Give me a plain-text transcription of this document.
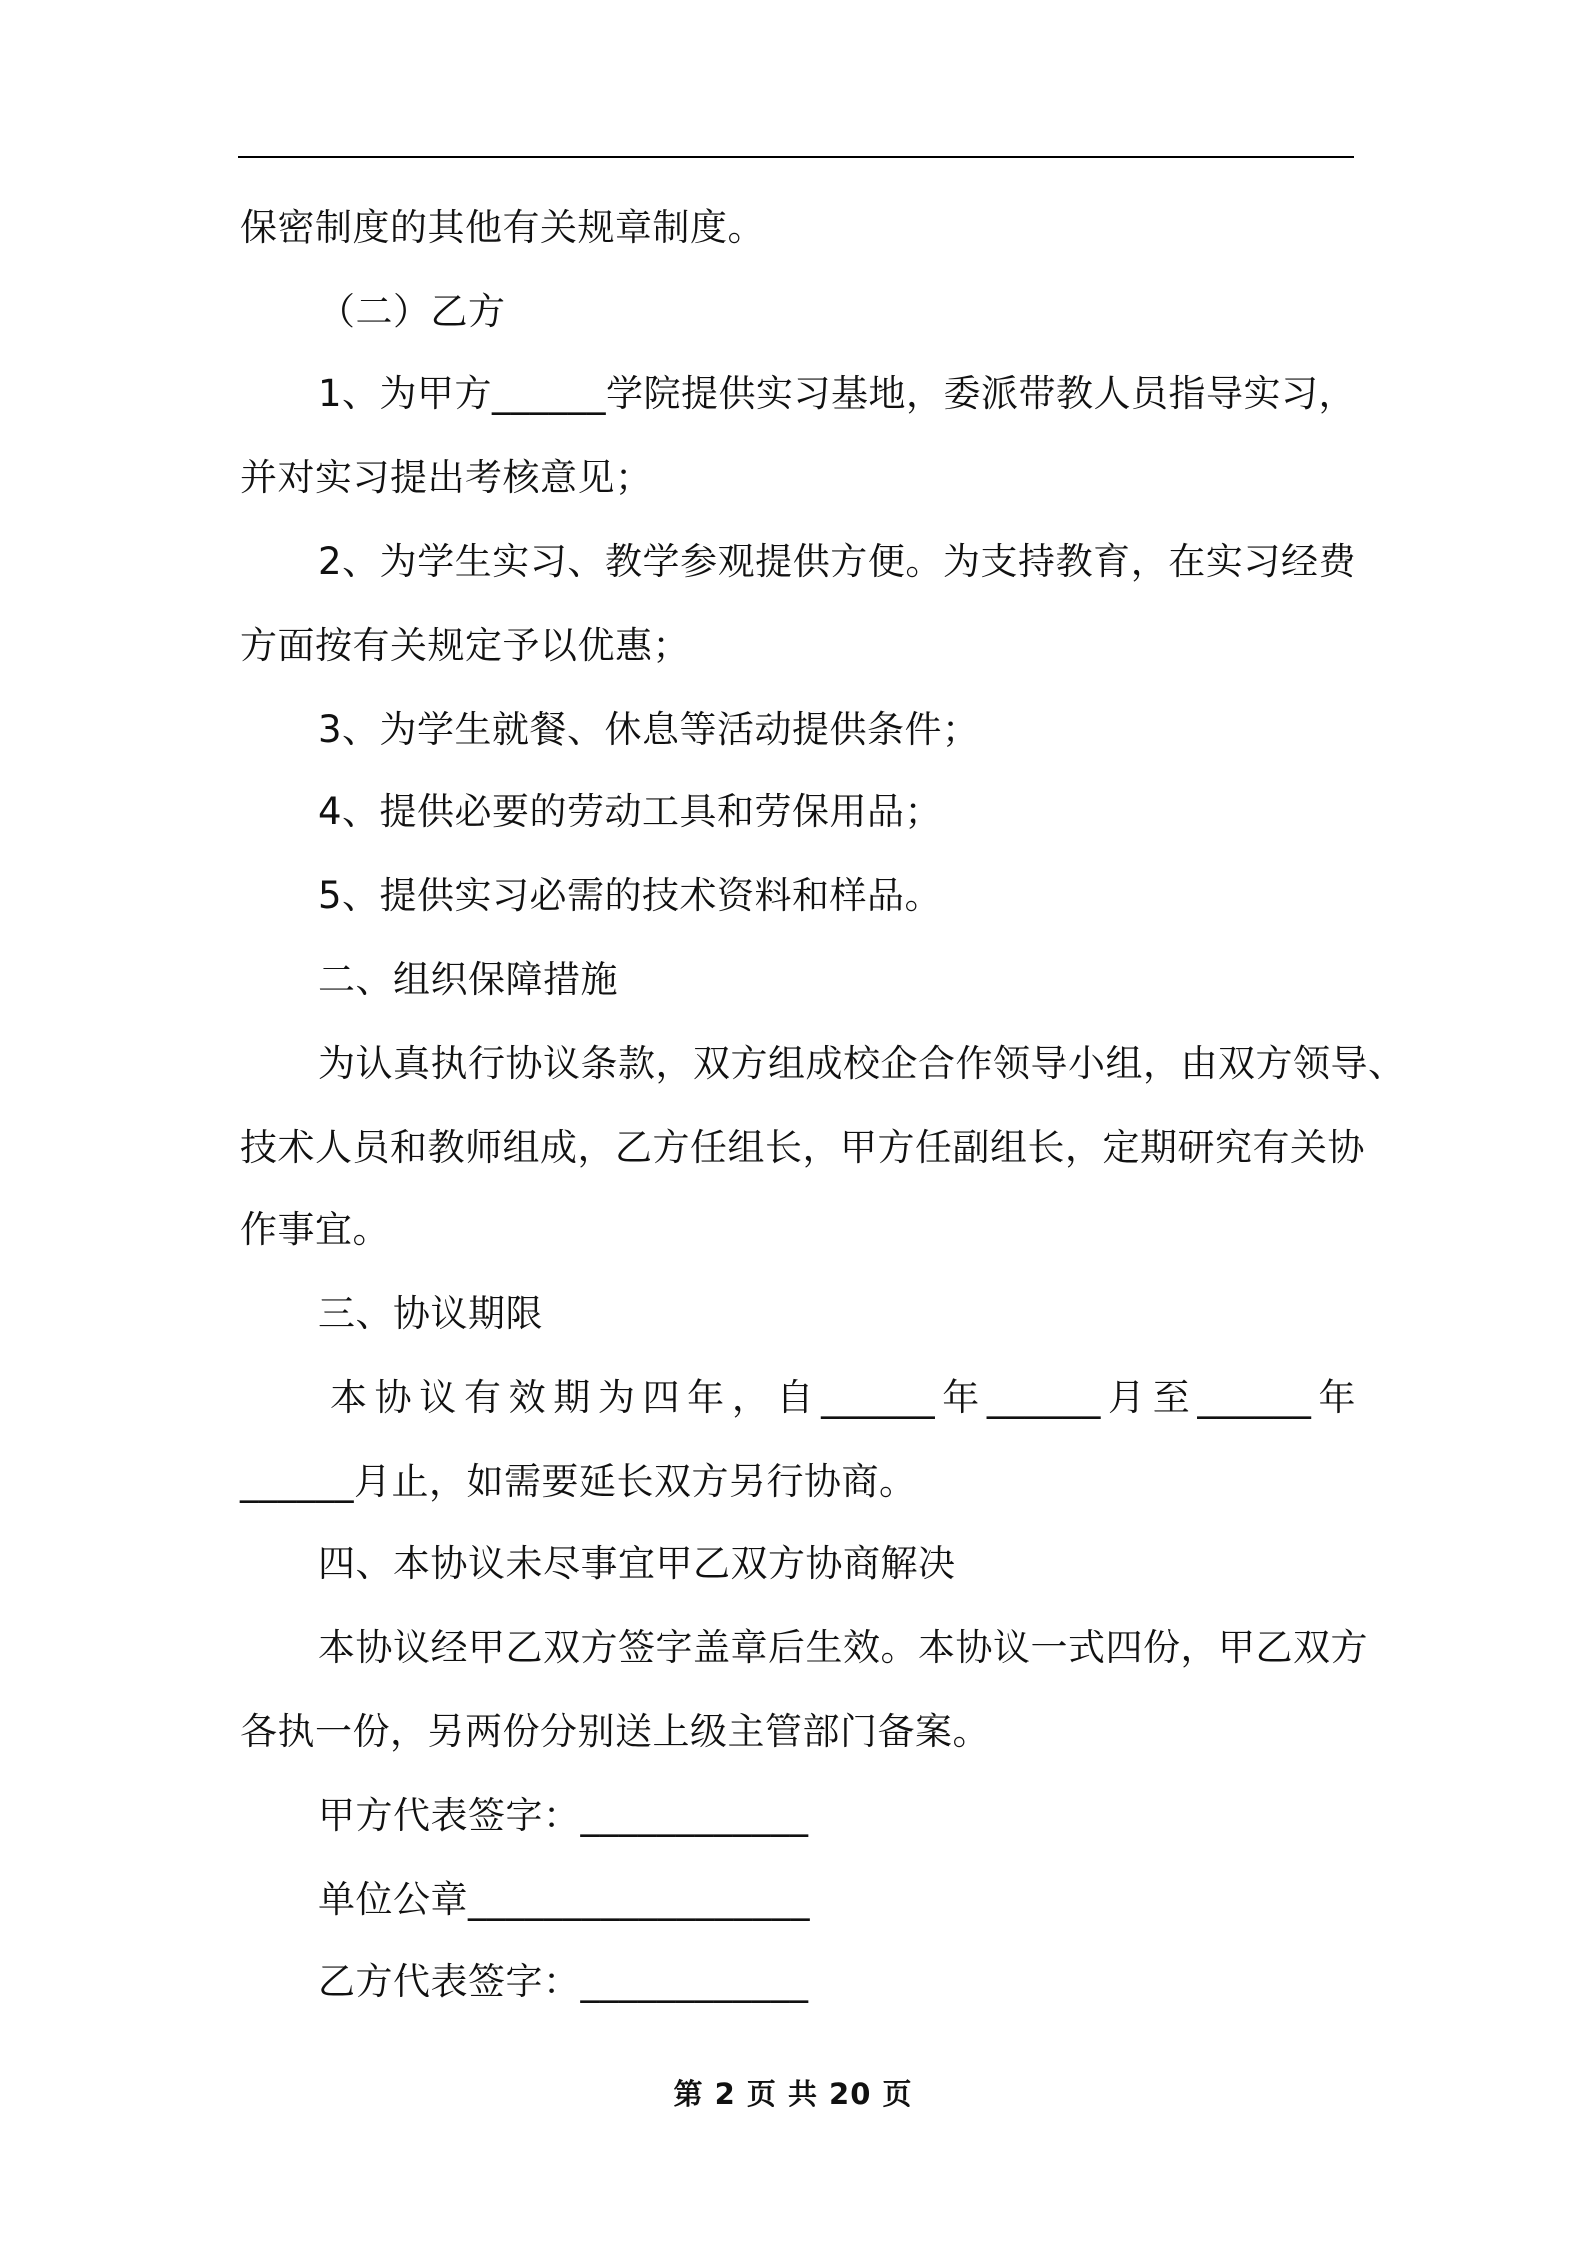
保密制度的其他有关规章制度。
（二）乙方
1、为甲方______学院提供实习基地，委派带教人员指导实习，
并对实习提出考核意见；
2、为学生实习、教学参观提供方便。为支持教育，在实习经费
方面按有关规定予以优惠；
3、为学生就餐、休息等活动提供条件；
4、提供必要的劳动工具和劳保用品；
5、提供实习必需的技术资料和样品。
二、组织保障措施
为认真执行协议条款，双方组成校企合作领导小组，由双方领导、
技术人员和教师组成，乙方任组长，甲方任副组长，定期研究有关协
作事宜。
三、协议期限
本协议有效期为四年，自______年______月至______年
______月止，如需要延长双方另行协商。
四、本协议未尽事宜甲乙双方协商解决
本协议经甲乙双方签字盖章后生效。本协议一式四份，甲乙双方
各执一份，另两份分别送上级主管部门备案。
甲方代表签字：____________
单位公章__________________
乙方代表签字：____________
第 2 页 共 20 页
